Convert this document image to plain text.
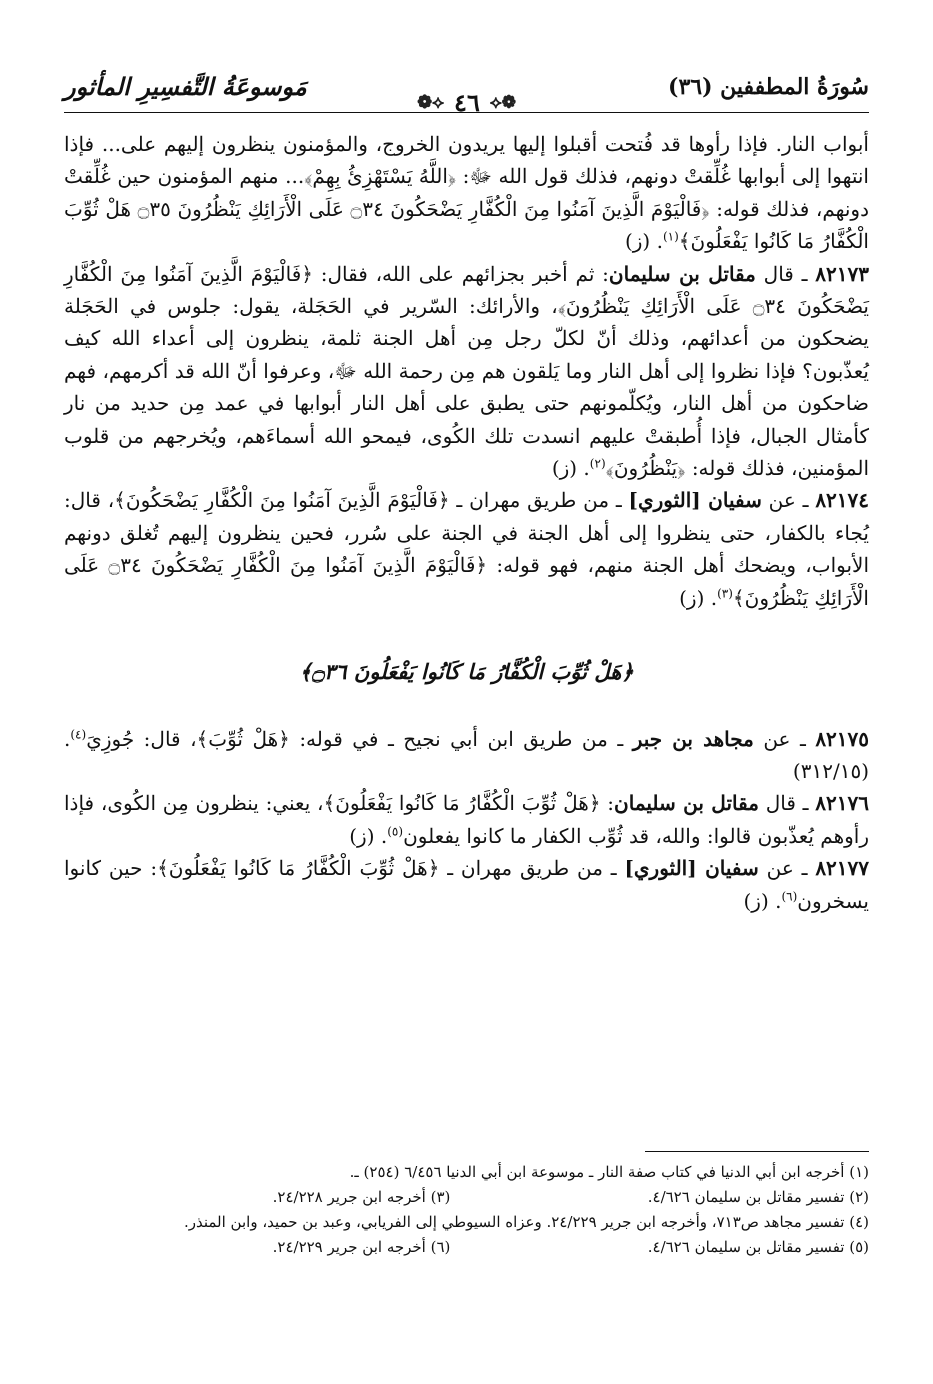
سُورَةُ المطففين (٣٦)
❁⟡ ٤٦ ⟡❁
مَوسوعَةُ التَّفسِيرِ المأثور

أبواب النار. فإذا رأوها قد فُتحت أقبلوا إليها يريدون الخروج، والمؤمنون ينظرون إليهم على... فإذا انتهوا إلى أبوابها غُلِّقتْ دونهم، فذلك قول الله ﷻ: ﴿اللَّهُ يَسْتَهْزِئُ بِهِمْ﴾... منهم المؤمنون حين غُلِّقتْ دونهم، فذلك قوله: ﴿فَالْيَوْمَ الَّذِينَ آمَنُوا مِنَ الْكُفَّارِ يَضْحَكُونَ ۝٣٤ عَلَى الْأَرَائِكِ يَنْظُرُونَ ۝٣٥ هَلْ ثُوِّبَ الْكُفَّارُ مَا كَانُوا يَفْعَلُونَ﴾$^{(١)}$. (ز)

٨٢١٧٣ ـ قال مقاتل بن سليمان: ثم أخبر بجزائهم على الله، فقال: ﴿فَالْيَوْمَ الَّذِينَ آمَنُوا مِنَ الْكُفَّارِ يَضْحَكُونَ ۝٣٤ عَلَى الْأَرَائِكِ يَنْظُرُونَ﴾، والأرائك: السّرير في الحَجَلة، يقول: جلوس في الحَجَلة يضحكون من أعدائهم، وذلك أنّ لكلّ رجل مِن أهل الجنة ثلمة، ينظرون إلى أعداء الله كيف يُعذّبون؟ فإذا نظروا إلى أهل النار وما يَلقون هم مِن رحمة الله ﷻ، وعرفوا أنّ الله قد أكرمهم، فهم ضاحكون من أهل النار، ويُكلّمونهم حتى يطبق على أهل النار أبوابها في عمد مِن حديد من نار كأمثال الجبال، فإذا أُطبقتْ عليهم انسدت تلك الكُوى، فيمحو الله أسماءَهم، ويُخرجهم من قلوب المؤمنين، فذلك قوله: ﴿يَنْظُرُونَ﴾$^{(٢)}$. (ز)

٨٢١٧٤ ـ عن سفيان [الثوري] ـ من طريق مهران ـ ﴿فَالْيَوْمَ الَّذِينَ آمَنُوا مِنَ الْكُفَّارِ يَضْحَكُونَ﴾، قال: يُجاء بالكفار، حتى ينظروا إلى أهل الجنة في الجنة على سُرر، فحين ينظرون إليهم تُغلق دونهم الأبواب، ويضحك أهل الجنة منهم، فهو قوله: ﴿فَالْيَوْمَ الَّذِينَ آمَنُوا مِنَ الْكُفَّارِ يَضْحَكُونَ ۝٣٤ عَلَى الْأَرَائِكِ يَنْظُرُونَ﴾$^{(٣)}$. (ز)

﴿هَلْ ثُوِّبَ الْكُفَّارُ مَا كَانُوا يَفْعَلُونَ ۝٣٦﴾

٨٢١٧٥ ـ عن مجاهد بن جبر ـ من طريق ابن أبي نجيح ـ في قوله: ﴿هَلْ ثُوِّبَ﴾، قال: جُوزِيَ$^{(٤)}$. (٣١٢/١٥)

٨٢١٧٦ ـ قال مقاتل بن سليمان: ﴿هَلْ ثُوِّبَ الْكُفَّارُ مَا كَانُوا يَفْعَلُونَ﴾، يعني: ينظرون مِن الكُوى، فإذا رأوهم يُعذّبون قالوا: والله، قد ثُوِّب الكفار ما كانوا يفعلون$^{(٥)}$. (ز)

٨٢١٧٧ ـ عن سفيان [الثوري] ـ من طريق مهران ـ ﴿هَلْ ثُوِّبَ الْكُفَّارُ مَا كَانُوا يَفْعَلُونَ﴾: حين كانوا يسخرون$^{(٦)}$. (ز)

(١) أخرجه ابن أبي الدنيا في كتاب صفة النار ـ موسوعة ابن أبي الدنيا ٦/٤٥٦ (٢٥٤) ـ.
(٢) تفسير مقاتل بن سليمان ٤/٦٢٦.
(٣) أخرجه ابن جرير ٢٤/٢٢٨.
(٤) تفسير مجاهد ص٧١٣، وأخرجه ابن جرير ٢٤/٢٢٩. وعزاه السيوطي إلى الفريابي، وعبد بن حميد، وابن المنذر.
(٥) تفسير مقاتل بن سليمان ٤/٦٢٦.
(٦) أخرجه ابن جرير ٢٤/٢٢٩.
